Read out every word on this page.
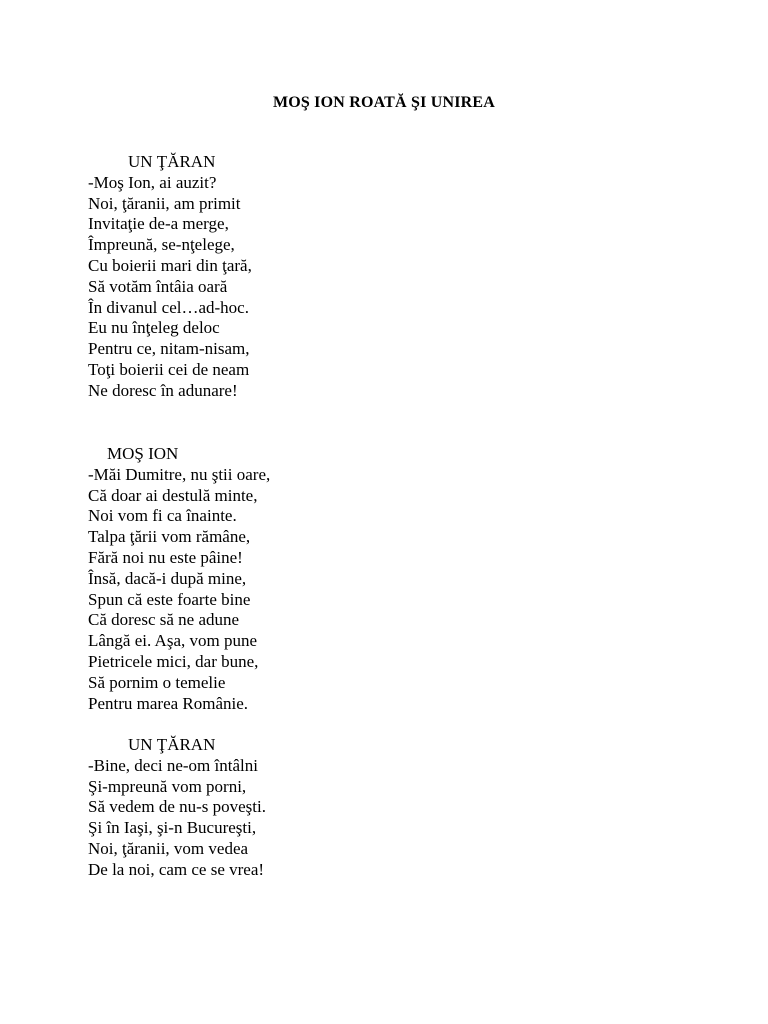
MOŞ ION ROATĂ ŞI UNIREA
UN ŢĂRAN
-Moş Ion, ai auzit?
Noi, ţăranii, am primit
Invitaţie de-a merge,
Împreună, se-nţelege,
Cu boierii mari din ţară,
Să votăm întâia oară
În divanul cel…ad-hoc.
Eu nu înţeleg deloc
Pentru ce, nitam-nisam,
Toţi boierii cei de neam
Ne doresc în adunare!
MOŞ ION
-Măi Dumitre, nu ştii oare,
Că doar ai destulă minte,
Noi vom fi ca înainte.
Talpa ţării vom rămâne,
Fără noi nu este pâine!
Însă, dacă-i după mine,
Spun că este foarte bine
Că doresc să ne adune
Lângă ei. Aşa, vom pune
Pietricele mici, dar bune,
Să pornim o temelie
Pentru marea Românie.
UN ŢĂRAN
-Bine, deci ne-om întâlni
Şi-mpreună vom porni,
Să vedem de nu-s poveşti.
Şi în Iaşi, şi-n Bucureşti,
Noi, ţăranii, vom vedea
De la noi, cam ce se vrea!
